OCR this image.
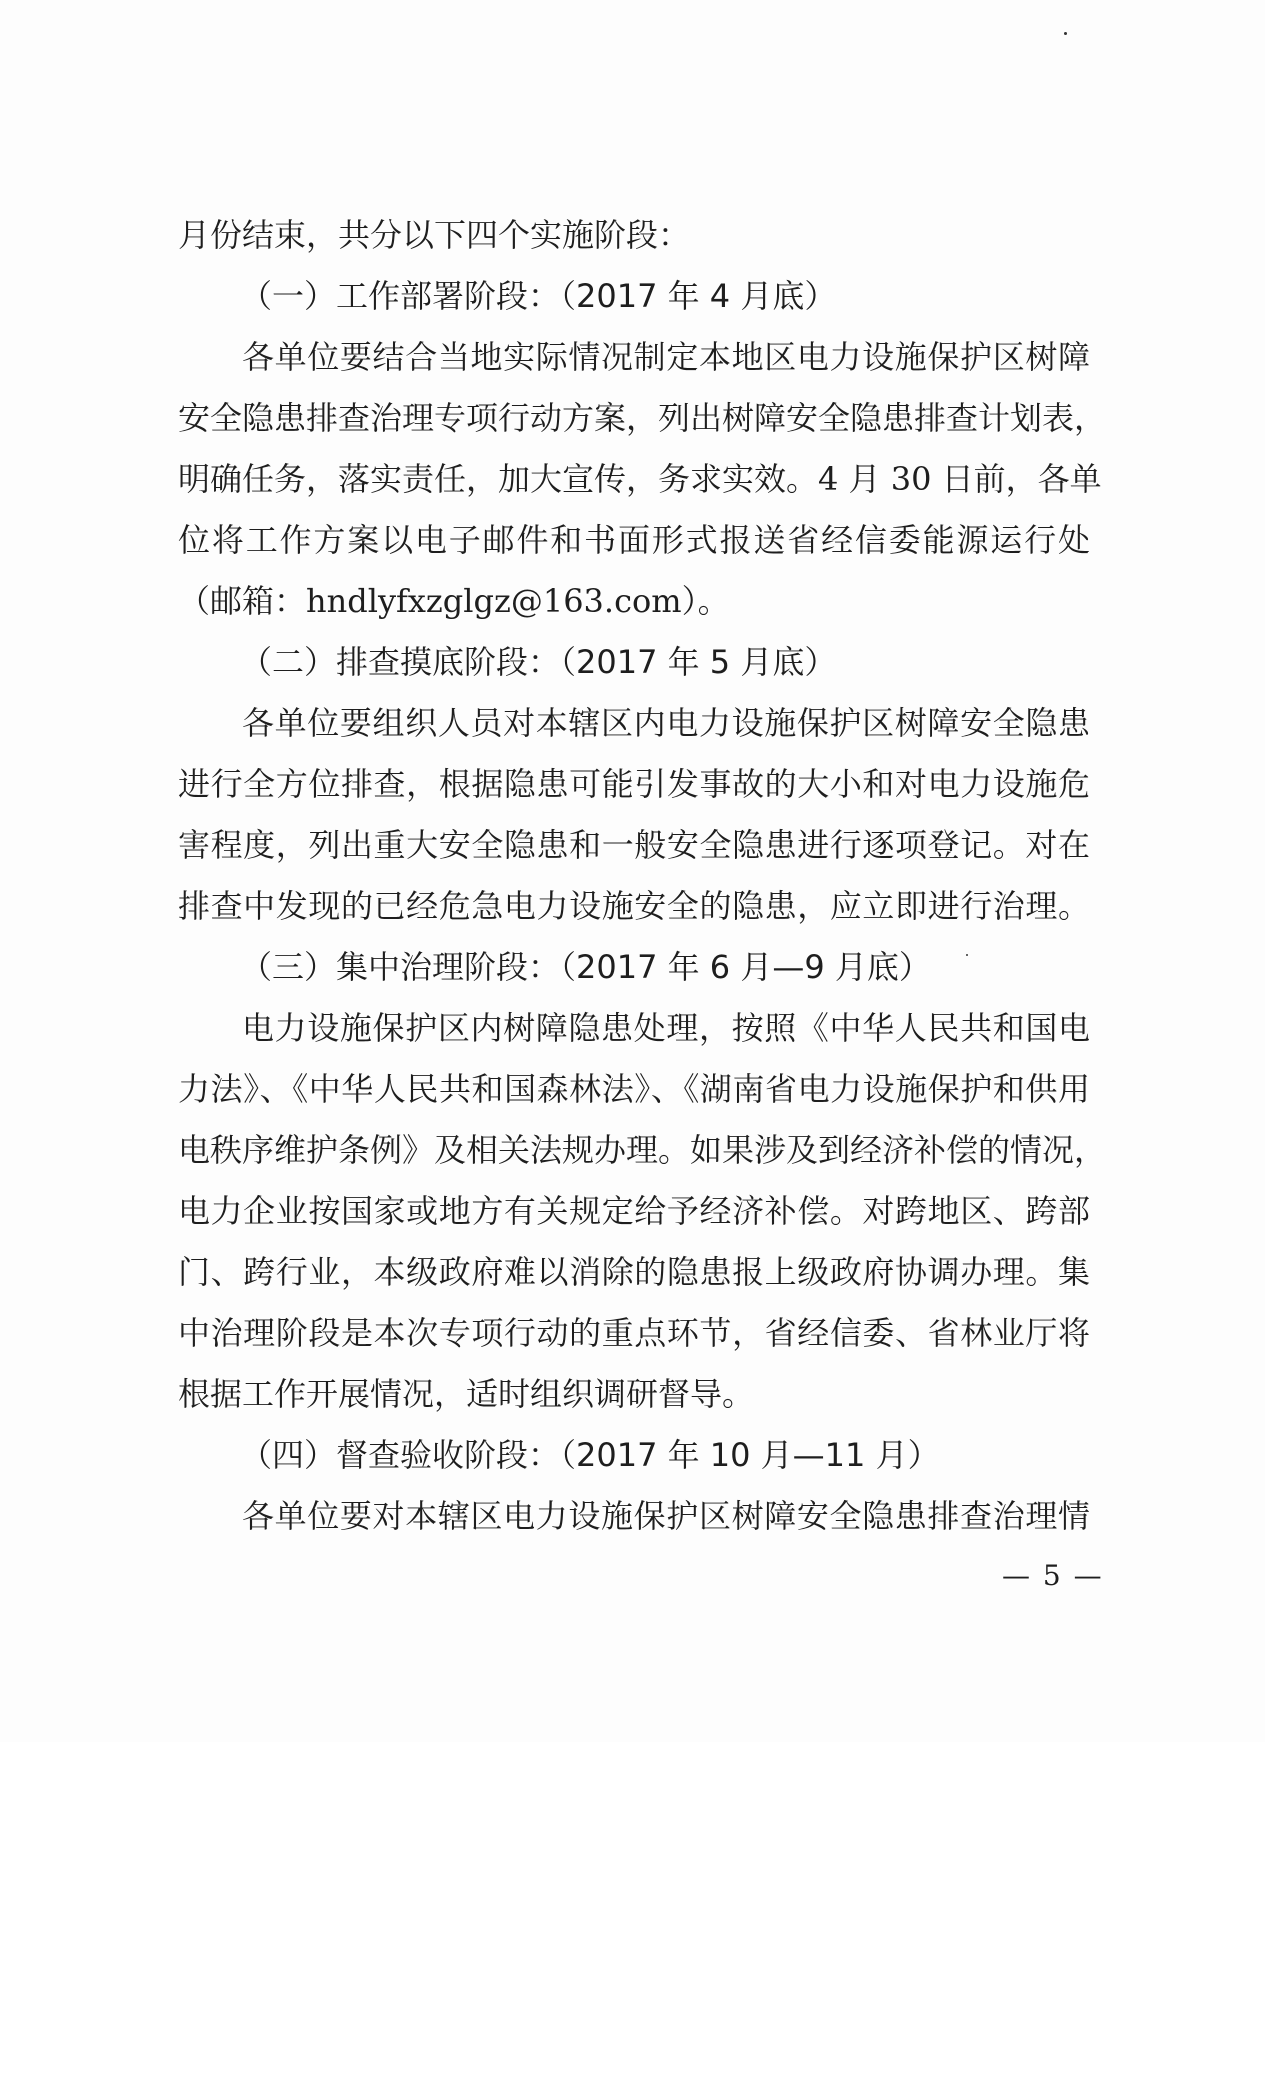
月份结束，共分以下四个实施阶段：
（一）工作部署阶段：（2017 年 4 月底）
各单位要结合当地实际情况制定本地区电力设施保护区树障
安全隐患排查治理专项行动方案，列出树障安全隐患排查计划表，
明确任务，落实责任，加大宣传，务求实效。4 月 30 日前，各单
位将工作方案以电子邮件和书面形式报送省经信委能源运行处
（邮箱：hndlyfxzglgz@163.com）。
（二）排查摸底阶段：（2017 年 5 月底）
各单位要组织人员对本辖区内电力设施保护区树障安全隐患
进行全方位排查，根据隐患可能引发事故的大小和对电力设施危
害程度，列出重大安全隐患和一般安全隐患进行逐项登记。对在
排查中发现的已经危急电力设施安全的隐患，应立即进行治理。
（三）集中治理阶段：（2017 年 6 月—9 月底）
电力设施保护区内树障隐患处理，按照《中华人民共和国电
力法》、《中华人民共和国森林法》、《湖南省电力设施保护和供用
电秩序维护条例》及相关法规办理。如果涉及到经济补偿的情况，
电力企业按国家或地方有关规定给予经济补偿。对跨地区、跨部
门、跨行业，本级政府难以消除的隐患报上级政府协调办理。集
中治理阶段是本次专项行动的重点环节，省经信委、省林业厅将
根据工作开展情况，适时组织调研督导。
（四）督查验收阶段：（2017 年 10 月—11 月）
各单位要对本辖区电力设施保护区树障安全隐患排查治理情
— 5 —
